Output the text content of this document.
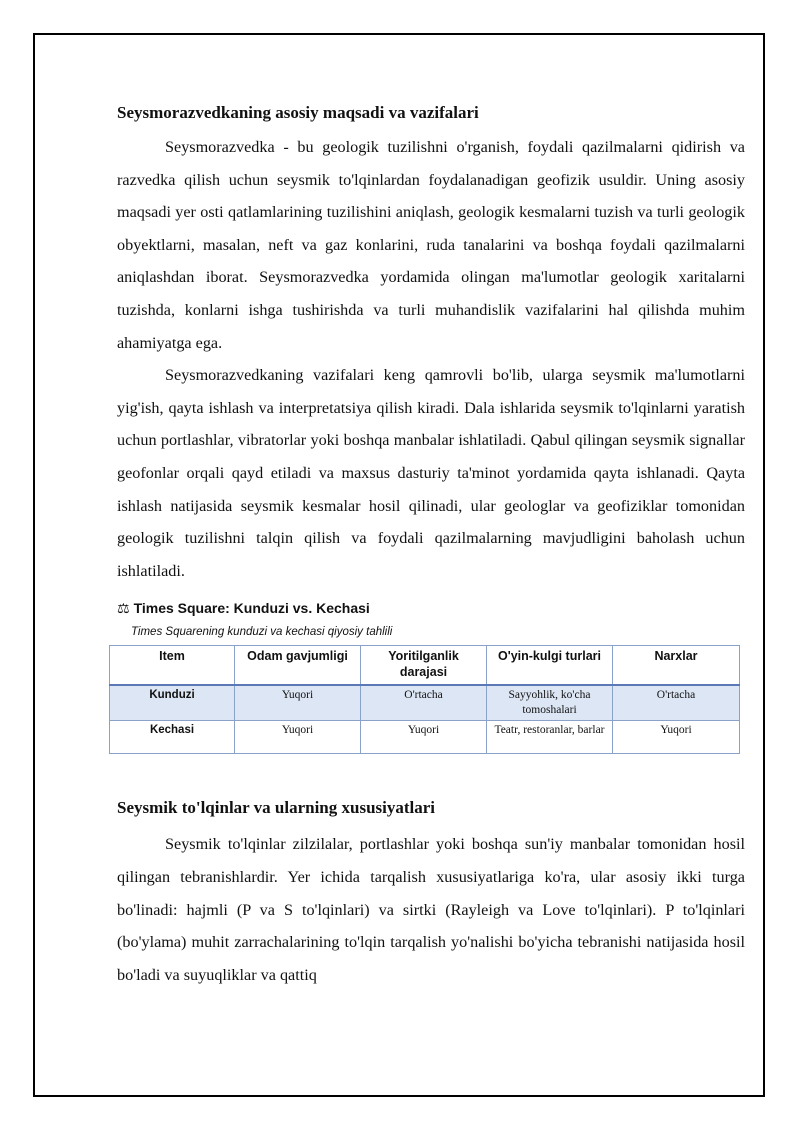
Seysmorazvedkaning asosiy maqsadi va vazifalari

Seysmorazvedka - bu geologik tuzilishni o'rganish, foydali qazilmalarni qidirish va razvedka qilish uchun seysmik to'lqinlardan foydalanadigan geofizik usuldir. Uning asosiy maqsadi yer osti qatlamlarining tuzilishini aniqlash, geologik kesmalarni tuzish va turli geologik obyektlarni, masalan, neft va gaz konlarini, ruda tanalarini va boshqa foydali qazilmalarni aniqlashdan iborat. Seysmorazvedka yordamida olingan ma'lumotlar geologik xaritalarni tuzishda, konlarni ishga tushirishda va turli muhandislik vazifalarini hal qilishda muhim ahamiyatga ega.

Seysmorazvedkaning vazifalari keng qamrovli bo'lib, ularga seysmik ma'lumotlarni yig'ish, qayta ishlash va interpretatsiya qilish kiradi. Dala ishlarida seysmik to'lqinlarni yaratish uchun portlashlar, vibratorlar yoki boshqa manbalar ishlatiladi. Qabul qilingan seysmik signallar geofonlar orqali qayd etiladi va maxsus dasturiy ta'minot yordamida qayta ishlanadi. Qayta ishlash natijasida seysmik kesmalar hosil qilinadi, ular geologlar va geofiziklar tomonidan geologik tuzilishni talqin qilish va foydali qazilmalarning mavjudligini baholash uchun ishlatiladi.

⚖ Times Square: Kunduzi vs. Kechasi
Times Squarening kunduzi va kechasi qiyosiy tahlili
Item	Odam gavjumligi	Yoritilganlik darajasi	O'yin-kulgi turlari	Narxlar
Kunduzi	Yuqori	O'rtacha	Sayyohlik, ko'cha tomoshalari	O'rtacha
Kechasi	Yuqori	Yuqori	Teatr, restoranlar, barlar	Yuqori
Seysmik to'lqinlar va ularning xususiyatlari

Seysmik to'lqinlar zilzilalar, portlashlar yoki boshqa sun'iy manbalar tomonidan hosil qilingan tebranishlardir. Yer ichida tarqalish xususiyatlariga ko'ra, ular asosiy ikki turga bo'linadi: hajmli (P va S to'lqinlari) va sirtki (Rayleigh va Love to'lqinlari). P to'lqinlari (bo'ylama) muhit zarrachalarining to'lqin tarqalish yo'nalishi bo'yicha tebranishi natijasida hosil bo'ladi va suyuqliklar va qattiq
